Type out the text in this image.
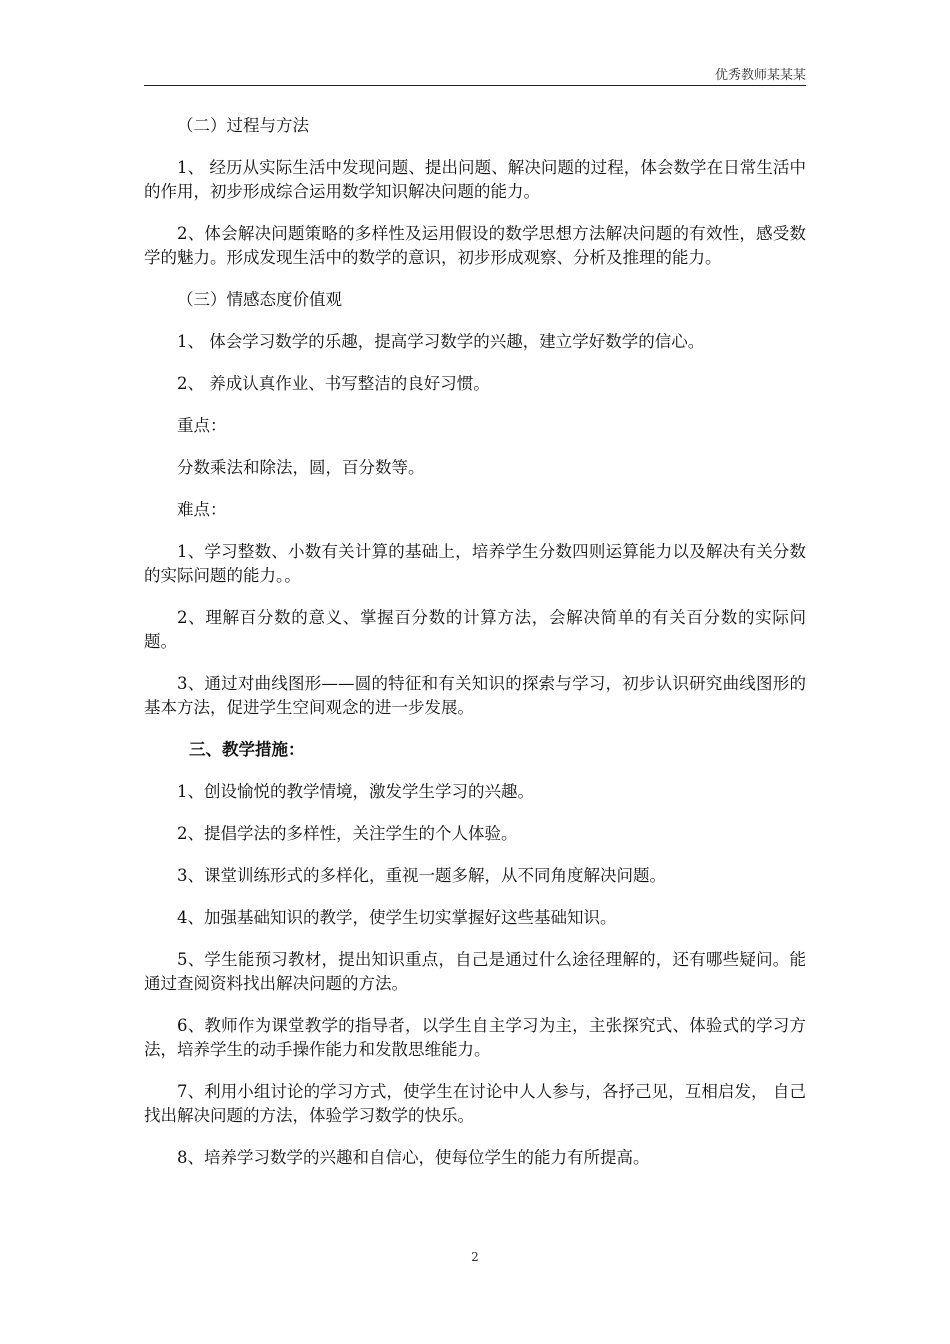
优秀教师某某某

（二）过程与方法

1、 经历从实际生活中发现问题、提出问题、解决问题的过程，体会数学在日常生活中的作用，初步形成综合运用数学知识解决问题的能力。

2、体会解决问题策略的多样性及运用假设的数学思想方法解决问题的有效性，感受数学的魅力。形成发现生活中的数学的意识，初步形成观察、分析及推理的能力。

（三）情感态度价值观

1、 体会学习数学的乐趣，提高学习数学的兴趣，建立学好数学的信心。

2、 养成认真作业、书写整洁的良好习惯。

重点：

分数乘法和除法，圆，百分数等。

难点：

1、学习整数、小数有关计算的基础上，培养学生分数四则运算能力以及解决有关分数的实际问题的能力。。

2、理解百分数的意义、掌握百分数的计算方法，会解决简单的有关百分数的实际问题。

3、通过对曲线图形——圆的特征和有关知识的探索与学习，初步认识研究曲线图形的基本方法，促进学生空间观念的进一步发展。

三、教学措施：

1、创设愉悦的教学情境，激发学生学习的兴趣。

2、提倡学法的多样性，关注学生的个人体验。

3、课堂训练形式的多样化，重视一题多解，从不同角度解决问题。

4、加强基础知识的教学，使学生切实掌握好这些基础知识。

5、学生能预习教材，提出知识重点，自己是通过什么途径理解的，还有哪些疑问。能通过查阅资料找出解决问题的方法。

6、教师作为课堂教学的指导者，以学生自主学习为主，主张探究式、体验式的学习方法，培养学生的动手操作能力和发散思维能力。

7、利用小组讨论的学习方式，使学生在讨论中人人参与，各抒己见，互相启发， 自己找出解决问题的方法，体验学习数学的快乐。

8、培养学习数学的兴趣和自信心，使每位学生的能力有所提高。

2
